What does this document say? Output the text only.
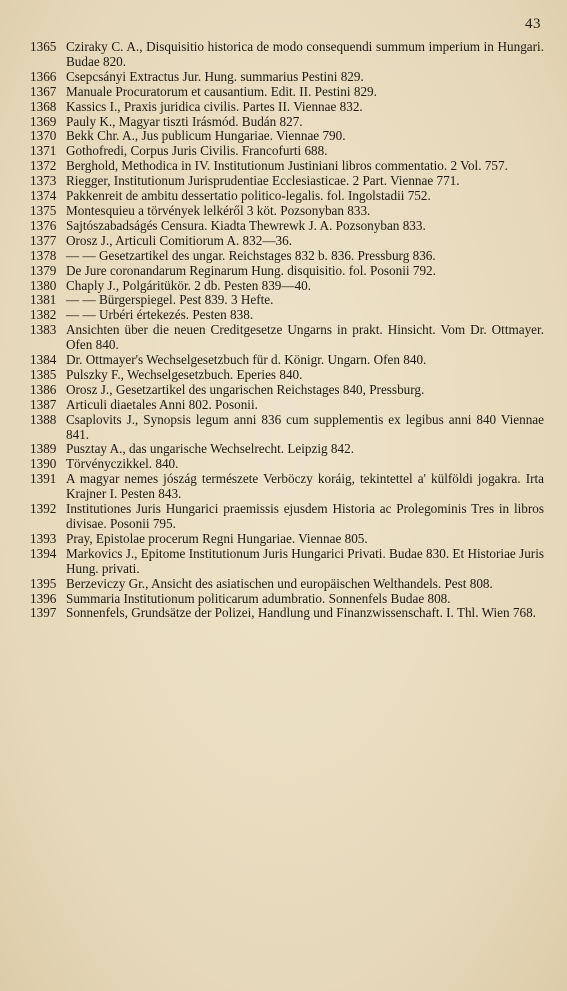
43
1365 Cziraky C. A., Disquisitio historica de modo consequendi summum imperium in Hungari. Budae 820.
1366 Csepcsányi Extractus Jur. Hung. summarius Pestini 829.
1367 Manuale Procuratorum et causantium. Edit. II. Pestini 829.
1368 Kassics I., Praxis juridica civilis. Partes II. Viennae 832.
1369 Pauly K., Magyar tiszti Irásmód. Budán 827.
1370 Bekk Chr. A., Jus publicum Hungariae. Viennae 790.
1371 Gothofredi, Corpus Juris Civilis. Francofurti 688.
1372 Berghold, Methodica in IV. Institutionum Justiniani libros commentatio. 2 Vol. 757.
1373 Riegger, Institutionum Jurisprudentiae Ecclesiasticae. 2 Part. Viennae 771.
1374 Pakkenreit de ambitu dessertatio politico-legalis. fol. Ingolstadii 752.
1375 Montesquieu a törvények lelkéről 3 köt. Pozsonyban 833.
1376 Sajtószabadságés Censura. Kiadta Thewrewk J. A. Pozsonyban 833.
1377 Orosz J., Articuli Comitiorum A. 832—36.
1378 — — Gesetzartikel des ungar. Reichstages 832 b. 836. Pressburg 836.
1379 De Jure coronandarum Reginarum Hung. disquisitio. fol. Posonii 792.
1380 Chaply J., Polgáritükör. 2 db. Pesten 839—40.
1381 — — Bürgerspiegel. Pest 839. 3 Hefte.
1382 — — Urbéri értekezés. Pesten 838.
1383 Ansichten über die neuen Creditgesetze Ungarns in prakt. Hinsicht. Vom Dr. Ottmayer. Ofen 840.
1384 Dr. Ottmayer's Wechselgesetzbuch für d. Königr. Ungarn. Ofen 840.
1385 Pulszky F., Wechselgesetzbuch. Eperies 840.
1386 Orosz J., Gesetzartikel des ungarischen Reichstages 840, Pressburg.
1387 Articuli diaetales Anni 802. Posonii.
1388 Csaplovits J., Synopsis legum anni 836 cum supplementis ex legibus anni 840 Viennae 841.
1389 Pusztay A., das ungarische Wechselrecht. Leipzig 842.
1390 Törvényczikkel. 840.
1391 A magyar nemes jószág természete Verböczy koráig, tekintettel a' külföldi jogakra. Irta Krajner I. Pesten 843.
1392 Institutiones Juris Hungarici praemissis ejusdem Historia ac Prolegominis Tres in libros divisae. Posonii 795.
1393 Pray, Epistolae procerum Regni Hungariae. Viennae 805.
1394 Markovics J., Epitome Institutionum Juris Hungarici Privati. Budae 830. Et Historiae Juris Hung. privati.
1395 Berzeviczy Gr., Ansicht des asiatischen und europäischen Welthandels. Pest 808.
1396 Summaria Institutionum politicarum adumbratio. Sonnenfels Budae 808.
1397 Sonnenfels, Grundsätze der Polizei, Handlung und Finanzwissenschaft. I. Thl. Wien 768.
